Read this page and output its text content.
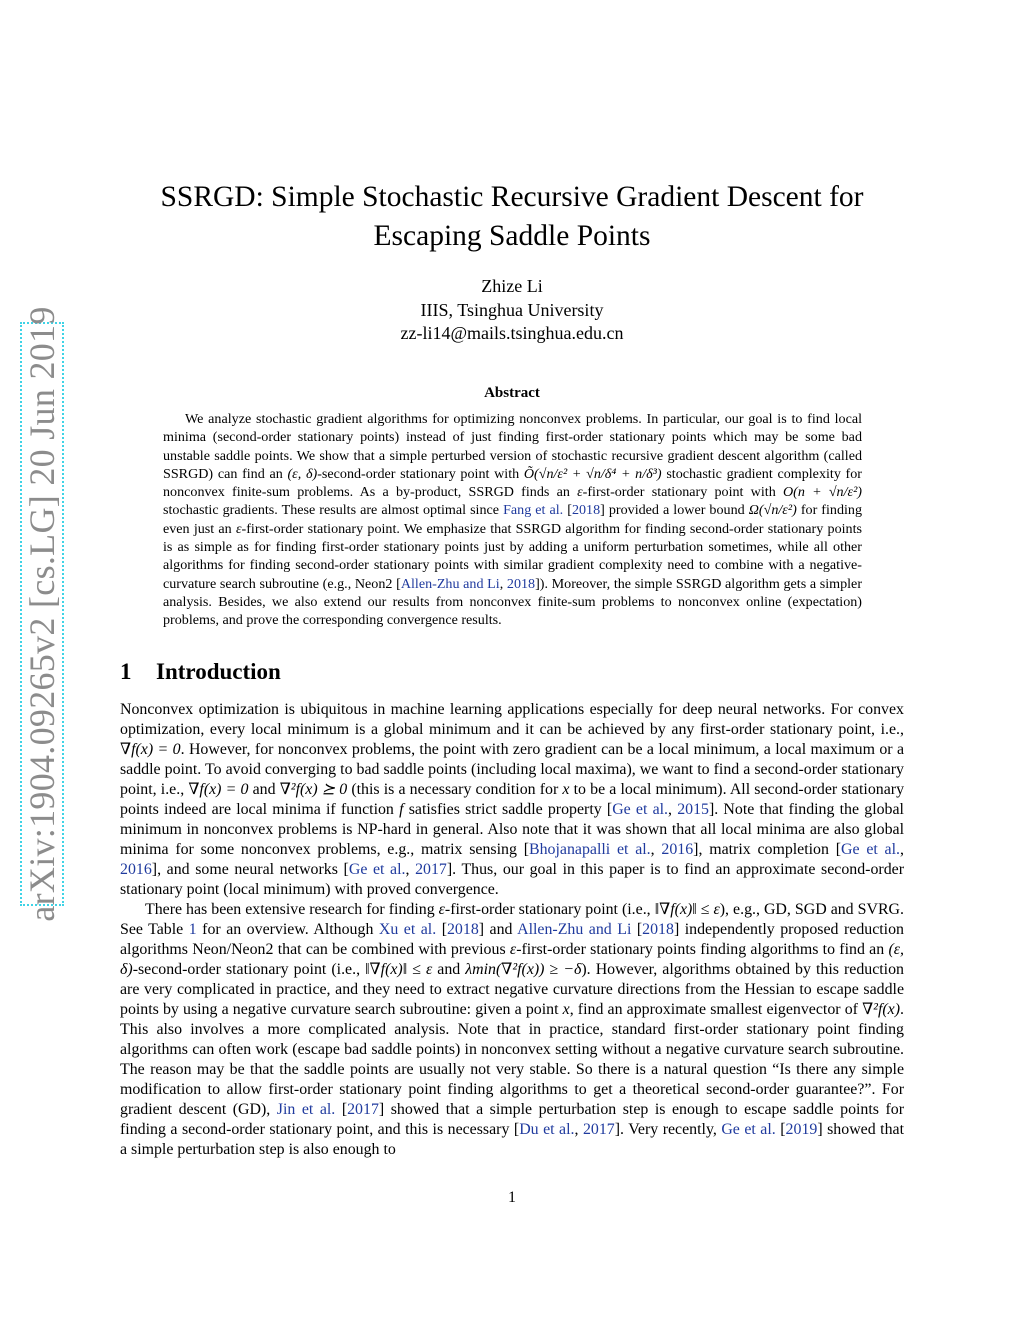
arXiv:1904.09265v2 [cs.LG] 20 Jun 2019
SSRGD: Simple Stochastic Recursive Gradient Descent for
Escaping Saddle Points
Zhize Li
IIIS, Tsinghua University
zz-li14@mails.tsinghua.edu.cn
Abstract

We analyze stochastic gradient algorithms for optimizing nonconvex problems. In particular, our goal is to find local minima (second-order stationary points) instead of just finding first-order stationary points which may be some bad unstable saddle points. We show that a simple perturbed version of stochastic recursive gradient descent algorithm (called SSRGD) can find an (ε, δ)-second-order stationary point with Õ(√n/ε² + √n/δ⁴ + n/δ³) stochastic gradient complexity for nonconvex finite-sum problems. As a by-product, SSRGD finds an ε-first-order stationary point with O(n + √n/ε²) stochastic gradients. These results are almost optimal since Fang et al. [2018] provided a lower bound Ω(√n/ε²) for finding even just an ε-first-order stationary point. We emphasize that SSRGD algorithm for finding second-order stationary points is as simple as for finding first-order stationary points just by adding a uniform perturbation sometimes, while all other algorithms for finding second-order stationary points with similar gradient complexity need to combine with a negative-curvature search subroutine (e.g., Neon2 [Allen-Zhu and Li, 2018]). Moreover, the simple SSRGD algorithm gets a simpler analysis. Besides, we also extend our results from nonconvex finite-sum problems to nonconvex online (expectation) problems, and prove the corresponding convergence results.

1 Introduction

Nonconvex optimization is ubiquitous in machine learning applications especially for deep neural networks. For convex optimization, every local minimum is a global minimum and it can be achieved by any first-order stationary point, i.e., ∇f(x) = 0. However, for nonconvex problems, the point with zero gradient can be a local minimum, a local maximum or a saddle point. To avoid converging to bad saddle points (including local maxima), we want to find a second-order stationary point, i.e., ∇f(x) = 0 and ∇²f(x) ⪰ 0 (this is a necessary condition for x to be a local minimum). All second-order stationary points indeed are local minima if function f satisfies strict saddle property [Ge et al., 2015]. Note that finding the global minimum in nonconvex problems is NP-hard in general. Also note that it was shown that all local minima are also global minima for some nonconvex problems, e.g., matrix sensing [Bhojanapalli et al., 2016], matrix completion [Ge et al., 2016], and some neural networks [Ge et al., 2017]. Thus, our goal in this paper is to find an approximate second-order stationary point (local minimum) with proved convergence.

There has been extensive research for finding ε-first-order stationary point (i.e., ‖∇f(x)‖ ≤ ε), e.g., GD, SGD and SVRG. See Table 1 for an overview. Although Xu et al. [2018] and Allen-Zhu and Li [2018] independently proposed reduction algorithms Neon/Neon2 that can be combined with previous ε-first-order stationary points finding algorithms to find an (ε, δ)-second-order stationary point (i.e., ‖∇f(x)‖ ≤ ε and λmin(∇²f(x)) ≥ −δ). However, algorithms obtained by this reduction are very complicated in practice, and they need to extract negative curvature directions from the Hessian to escape saddle points by using a negative curvature search subroutine: given a point x, find an approximate smallest eigenvector of ∇²f(x). This also involves a more complicated analysis. Note that in practice, standard first-order stationary point finding algorithms can often work (escape bad saddle points) in nonconvex setting without a negative curvature search subroutine. The reason may be that the saddle points are usually not very stable. So there is a natural question “Is there any simple modification to allow first-order stationary point finding algorithms to get a theoretical second-order guarantee?”. For gradient descent (GD), Jin et al. [2017] showed that a simple perturbation step is enough to escape saddle points for finding a second-order stationary point, and this is necessary [Du et al., 2017]. Very recently, Ge et al. [2019] showed that a simple perturbation step is also enough to

1
